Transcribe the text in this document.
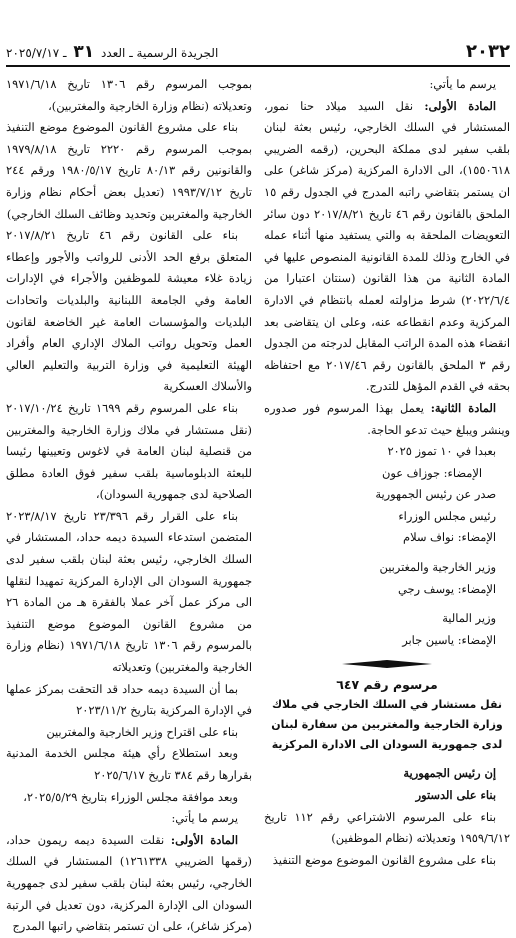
٢٠٣٢
الجريدة الرسمية ـ العدد ٣١ ـ ٢٠٢٥/٧/١٧

يرسم ما يأتي:

المادة الأولى: نقل السيد ميلاد حنا نمور، المستشار في السلك الخارجي، رئيس بعثة لبنان بلقب سفير لدى مملكة البحرين، (رقمه الضريبي ١٥٥٠٦١٨)، الى الادارة المركزية (مركز شاغر) على ان يستمر بتقاضي راتبه المدرج في الجدول رقم ١٥ الملحق بالقانون رقم ٤٦ تاريخ ٢٠١٧/٨/٢١ دون سائر التعويضات الملحقة به والتي يستفيد منها أثناء عمله في الخارج وذلك للمدة القانونية المنصوص عليها في المادة الثانية من هذا القانون (سنتان اعتبارا من ٢٠٢٢/٦/٤) شرط مزاولته لعمله بانتظام في الادارة المركزية وعدم انقطاعه عنه، وعلى ان يتقاضى بعد انقضاء هذه المدة الراتب المقابل لدرجته من الجدول رقم ٣ الملحق بالقانون رقم ٢٠١٧/٤٦ مع احتفاظه بحقه في القدم المؤهل للتدرج.

المادة الثانية: يعمل بهذا المرسوم فور صدوره وينشر ويبلغ حيث تدعو الحاجة.

بعبدا في ١٠ تموز ٢٠٢٥

الإمضاء: جوزاف عون

صدر عن رئيس الجمهورية

رئيس مجلس الوزراء

الإمضاء: نواف سلام

وزير الخارجية والمغتربين

الإمضاء: يوسف رجي

وزير المالية

الإمضاء: ياسين جابر

مرسوم رقم ٦٤٧

نقل مستشار في السلك الخارجي في ملاك وزارة الخارجية والمغتربين من سفارة لبنان لدى جمهورية السودان الى الادارة المركزية

إن رئيس الجمهورية

بناء على الدستور

بناء على المرسوم الاشتراعي رقم ١١٢ تاريخ ١٩٥٩/٦/١٢ وتعديلاته (نظام الموظفين)

بناء على مشروع القانون الموضوع موضع التنفيذ

بموجب المرسوم رقم ١٣٠٦ تاريخ ١٩٧١/٦/١٨ وتعديلاته (نظام وزارة الخارجية والمغتربين)،

بناء على مشروع القانون الموضوع موضع التنفيذ بموجب المرسوم رقم ٢٢٢٠ تاريخ ١٩٧٩/٨/١٨ والقانونين رقم ٨٠/١٣ تاريخ ١٩٨٠/٥/١٧ ورقم ٢٤٤ تاريخ ١٩٩٣/٧/١٢ (تعديل بعض أحكام نظام وزارة الخارجية والمغتربين وتحديد وظائف السلك الخارجي)

بناء على القانون رقم ٤٦ تاريخ ٢٠١٧/٨/٢١ المتعلق برفع الحد الأدنى للرواتب والأجور وإعطاء زيادة غلاء معيشة للموظفين والأجراء في الإدارات العامة وفي الجامعة اللبنانية والبلديات واتحادات البلديات والمؤسسات العامة غير الخاضعة لقانون العمل وتحويل رواتب الملاك الإداري العام وأفراد الهيئة التعليمية في وزارة التربية والتعليم العالي والأسلاك العسكرية

بناء على المرسوم رقم ١٦٩٩ تاريخ ٢٠١٧/١٠/٢٤ (نقل مستشار في ملاك وزارة الخارجية والمغتربين من قنصلية لبنان العامة في لاغوس وتعيينها رئيسا للبعثة الدبلوماسية بلقب سفير فوق العادة مطلق الصلاحية لدى جمهورية السودان)،

بناء على القرار رقم ٢٣/٣٩٦ تاريخ ٢٠٢٣/٨/١٧ المتضمن استدعاء السيدة ديمه حداد، المستشار في السلك الخارجي، رئيس بعثة لبنان بلقب سفير لدى جمهورية السودان الى الإدارة المركزية تمهيدا لنقلها الى مركز عمل آخر عملا بالفقرة هـ من المادة ٢٦ من مشروع القانون الموضوع موضع التنفيذ بالمرسوم رقم ١٣٠٦ تاريخ ١٩٧١/٦/١٨ (نظام وزارة الخارجية والمغتربين) وتعديلاته

بما أن السيدة ديمه حداد قد التحقت بمركز عملها في الإدارة المركزية بتاريخ ٢٠٢٣/١١/٢

بناء على اقتراح وزير الخارجية والمغتربين

وبعد استطلاع رأي هيئة مجلس الخدمة المدنية بقرارها رقم ٣٨٤ تاريخ ٢٠٢٥/٦/١٧

وبعد موافقة مجلس الوزراء بتاريخ ٢٠٢٥/٥/٢٩،

يرسم ما يأتي:

المادة الأولى: نقلت السيدة ديمه ريمون حداد، (رقمها الضريبي ١٢٦١٣٣٨) المستشار في السلك الخارجي، رئيس بعثة لبنان بلقب سفير لدى جمهورية السودان الى الإدارة المركزية، دون تعديل في الرتبة (مركز شاغر)، على ان تستمر بتقاضي راتبها المدرج
